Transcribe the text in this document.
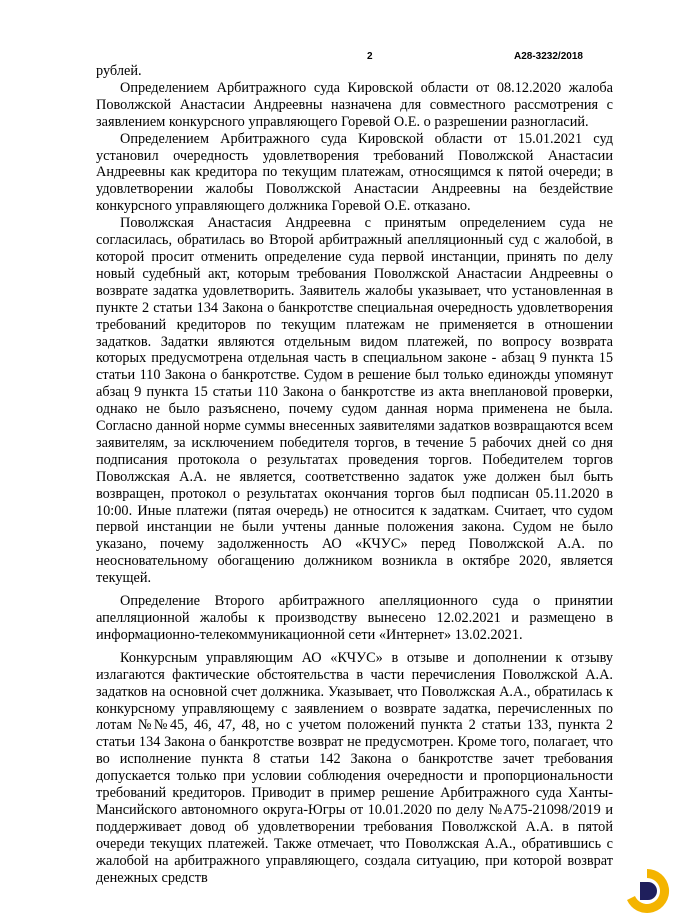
2	А28-3232/2018

рублей.

Определением Арбитражного суда Кировской области от 08.12.2020 жалоба Поволжской Анастасии Андреевны назначена для совместного рассмотрения с заявлением конкурсного управляющего Горевой О.Е. о разрешении разногласий.

Определением Арбитражного суда Кировской области от 15.01.2021 суд установил очередность удовлетворения требований Поволжской Анастасии Андреевны как кредитора по текущим платежам, относящимся к пятой очереди; в удовлетворении жалобы Поволжской Анастасии Андреевны на бездействие конкурсного управляющего должника Горевой О.Е. отказано.

Поволжская Анастасия Андреевна с принятым определением суда не согласилась, обратилась во Второй арбитражный апелляционный суд с жалобой, в которой просит отменить определение суда первой инстанции, принять по делу новый судебный акт, которым требования Поволжской Анастасии Андреевны о возврате задатка удовлетворить. Заявитель жалобы указывает, что установленная в пункте 2 статьи 134 Закона о банкротстве специальная очередность удовлетворения требований кредиторов по текущим платежам не применяется в отношении задатков. Задатки являются отдельным видом платежей, по вопросу возврата которых предусмотрена отдельная часть в специальном законе - абзац 9 пункта 15 статьи 110 Закона о банкротстве. Судом в решение был только единожды упомянут абзац 9 пункта 15 статьи 110 Закона о банкротстве из акта внеплановой проверки, однако не было разъяснено, почему судом данная норма применена не была. Согласно данной норме суммы внесенных заявителями задатков возвращаются всем заявителям, за исключением победителя торгов, в течение 5 рабочих дней со дня подписания протокола о результатах проведения торгов. Победителем торгов Поволжская А.А. не является, соответственно задаток уже должен был быть возвращен, протокол о результатах окончания торгов был подписан 05.11.2020 в 10:00. Иные платежи (пятая очередь) не относится к задаткам. Считает, что судом первой инстанции не были учтены данные положения закона. Судом не было указано, почему задолженность АО «КЧУС» перед Поволжской А.А. по неосновательному обогащению должником возникла в октябре 2020, является текущей.

Определение Второго арбитражного апелляционного суда о принятии апелляционной жалобы к производству вынесено 12.02.2021 и размещено в информационно-телекоммуникационной сети «Интернет» 13.02.2021.

Конкурсным управляющим АО «КЧУС» в отзыве и дополнении к отзыву излагаются фактические обстоятельства в части перечисления Поволжской А.А. задатков на основной счет должника. Указывает, что Поволжская А.А., обратилась к конкурсному управляющему с заявлением о возврате задатка, перечисленных по лотам №№45, 46, 47, 48, но с учетом положений пункта 2 статьи 133, пункта 2 статьи 134 Закона о банкротстве возврат не предусмотрен. Кроме того, полагает, что во исполнение пункта 8 статьи 142 Закона о банкротстве зачет требования допускается только при условии соблюдения очередности и пропорциональности требований кредиторов. Приводит в пример решение Арбитражного суда Ханты-Мансийского автономного округа-Югры от 10.01.2020 по делу №А75-21098/2019 и поддерживает довод об удовлетворении требования Поволжской А.А. в пятой очереди текущих платежей. Также отмечает, что Поволжская А.А., обратившись с жалобой на арбитражного управляющего, создала ситуацию, при которой возврат денежных средств
